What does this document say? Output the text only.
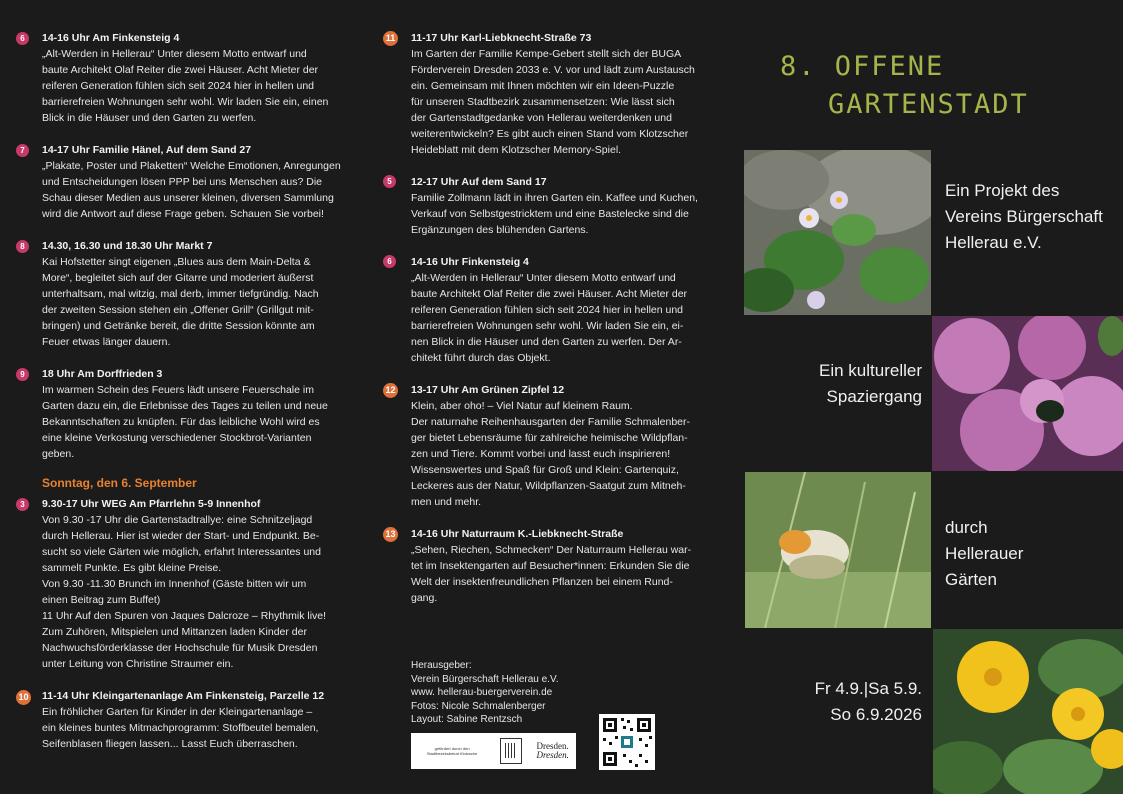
6	14-16 Uhr Am Finkensteig 4

„Alt-Werden in Hellerau“ Unter diesem Motto entwarf und
baute Architekt Olaf Reiter die zwei Häuser. Acht Mieter der
reiferen Generation fühlen sich seit 2024 hier in hellen und
barrierefreien Wohnungen sehr wohl. Wir laden Sie ein, einen
Blick in die Häuser und den Garten zu werfen.

7	14-17 Uhr Familie Hänel, Auf dem Sand 27

„Plakate, Poster und Plaketten“ Welche Emotionen, Anregungen
und Entscheidungen lösen PPP bei uns Menschen aus? Die
Schau dieser Medien aus unserer kleinen, diversen Sammlung
wird die Antwort auf diese Frage geben. Schauen Sie vorbei!

8	14.30, 16.30 und 18.30 Uhr Markt 7

Kai Hofstetter singt eigenen „Blues aus dem Main-Delta &
More“, begleitet sich auf der Gitarre und moderiert äußerst
unterhaltsam, mal witzig, mal derb, immer tiefgründig. Nach
der zweiten Session stehen ein „Offener Grill“ (Grillgut mit-
bringen) und Getränke bereit, die dritte Session könnte am
Feuer etwas länger dauern.

9	18 Uhr Am Dorffrieden 3

Im warmen Schein des Feuers lädt unsere Feuerschale im
Garten dazu ein, die Erlebnisse des Tages zu teilen und neue
Bekanntschaften zu knüpfen. Für das leibliche Wohl wird es
eine kleine Verkostung verschiedener Stockbrot-Varianten
geben.

Sonntag, den 6. September
3	9.30-17 Uhr WEG Am Pfarrlehn 5-9 Innenhof

Von 9.30 -17 Uhr die Gartenstadtrallye: eine Schnitzeljagd
durch Hellerau. Hier ist wieder der Start- und Endpunkt. Be-
sucht so viele Gärten wie möglich, erfahrt Interessantes und
sammelt Punkte. Es gibt kleine Preise.
Von 9.30 -11.30 Brunch im Innenhof (Gäste bitten wir um
einen Beitrag zum Buffet)
11 Uhr Auf den Spuren von Jaques Dalcroze – Rhythmik live!
Zum Zuhören, Mitspielen und Mittanzen laden Kinder der
Nachwuchsförderklasse der Hochschule für Musik Dresden
unter Leitung von Christine Straumer ein.

10 11-14 Uhr Kleingartenanlage Am Finkensteig, Parzelle 12

Ein fröhlicher Garten für Kinder in der Kleingartenanlage –
ein kleines buntes Mitmachprogramm: Stoffbeutel bemalen,
Seifenblasen fliegen lassen... Lasst Euch überraschen.

11 11-17 Uhr Karl-Liebknecht-Straße 73

Im Garten der Familie Kempe-Gebert stellt sich der BUGA
Förderverein Dresden 2033 e. V. vor und lädt zum Austausch
ein. Gemeinsam mit Ihnen möchten wir ein Ideen-Puzzle
für unseren Stadtbezirk zusammensetzen: Wie lässt sich
der Gartenstadtgedanke von Hellerau weiterdenken und
weiterentwickeln? Es gibt auch einen Stand vom Klotzscher
Heideblatt mit dem Klotzscher Memory-Spiel.

5	12-17 Uhr Auf dem Sand 17

Familie Zollmann lädt in ihren Garten ein. Kaffee und Kuchen,
Verkauf von Selbstgestricktem und eine Bastelecke sind die
Ergänzungen des blühenden Gartens.

6	14-16 Uhr Finkensteig 4

„Alt-Werden in Hellerau“ Unter diesem Motto entwarf und
baute Architekt Olaf Reiter die zwei Häuser. Acht Mieter der
reiferen Generation fühlen sich seit 2024 hier in hellen und
barrierefreien Wohnungen sehr wohl. Wir laden Sie ein, ei-
nen Blick in die Häuser und den Garten zu werfen. Der Ar-
chitekt führt durch das Objekt.

12 13-17 Uhr Am Grünen Zipfel 12

Klein, aber oho! – Viel Natur auf kleinem Raum.
Der naturnahe Reihenhausgarten der Familie Schmalenber-
ger bietet Lebensräume für zahlreiche heimische Wildpflan-
zen und Tiere. Kommt vorbei und lasst euch inspirieren!
Wissenswertes und Spaß für Groß und Klein: Gartenquiz,
Leckeres aus der Natur, Wildpflanzen-Saatgut zum Mitneh-
men und mehr.

13 14-16 Uhr Naturraum K.-Liebknecht-Straße

„Sehen, Riechen, Schmecken“ Der Naturraum Hellerau war-
tet im Insektengarten auf Besucher*innen: Erkunden Sie die
Welt der insektenfreundlichen Pflanzen bei einem Rund-
gang.

Herausgeber:
Verein Bürgerschaft Hellerau e.V.
www. hellerau-buergerverein.de
Fotos: Nicole Schmalenberger
Layout: Sabine Rentzsch
gefördert durch den Stadtbezirksbeirat Klotzsche
Dresden.
Dresden.
8. OFFENE
GARTENSTADT
Ein Projekt des
Vereins Bürgerschaft
Hellerau e.V.
Ein kultureller
Spaziergang
durch
Hellerauer
Gärten
Fr 4.9.|Sa 5.9.
So 6.9.2026
